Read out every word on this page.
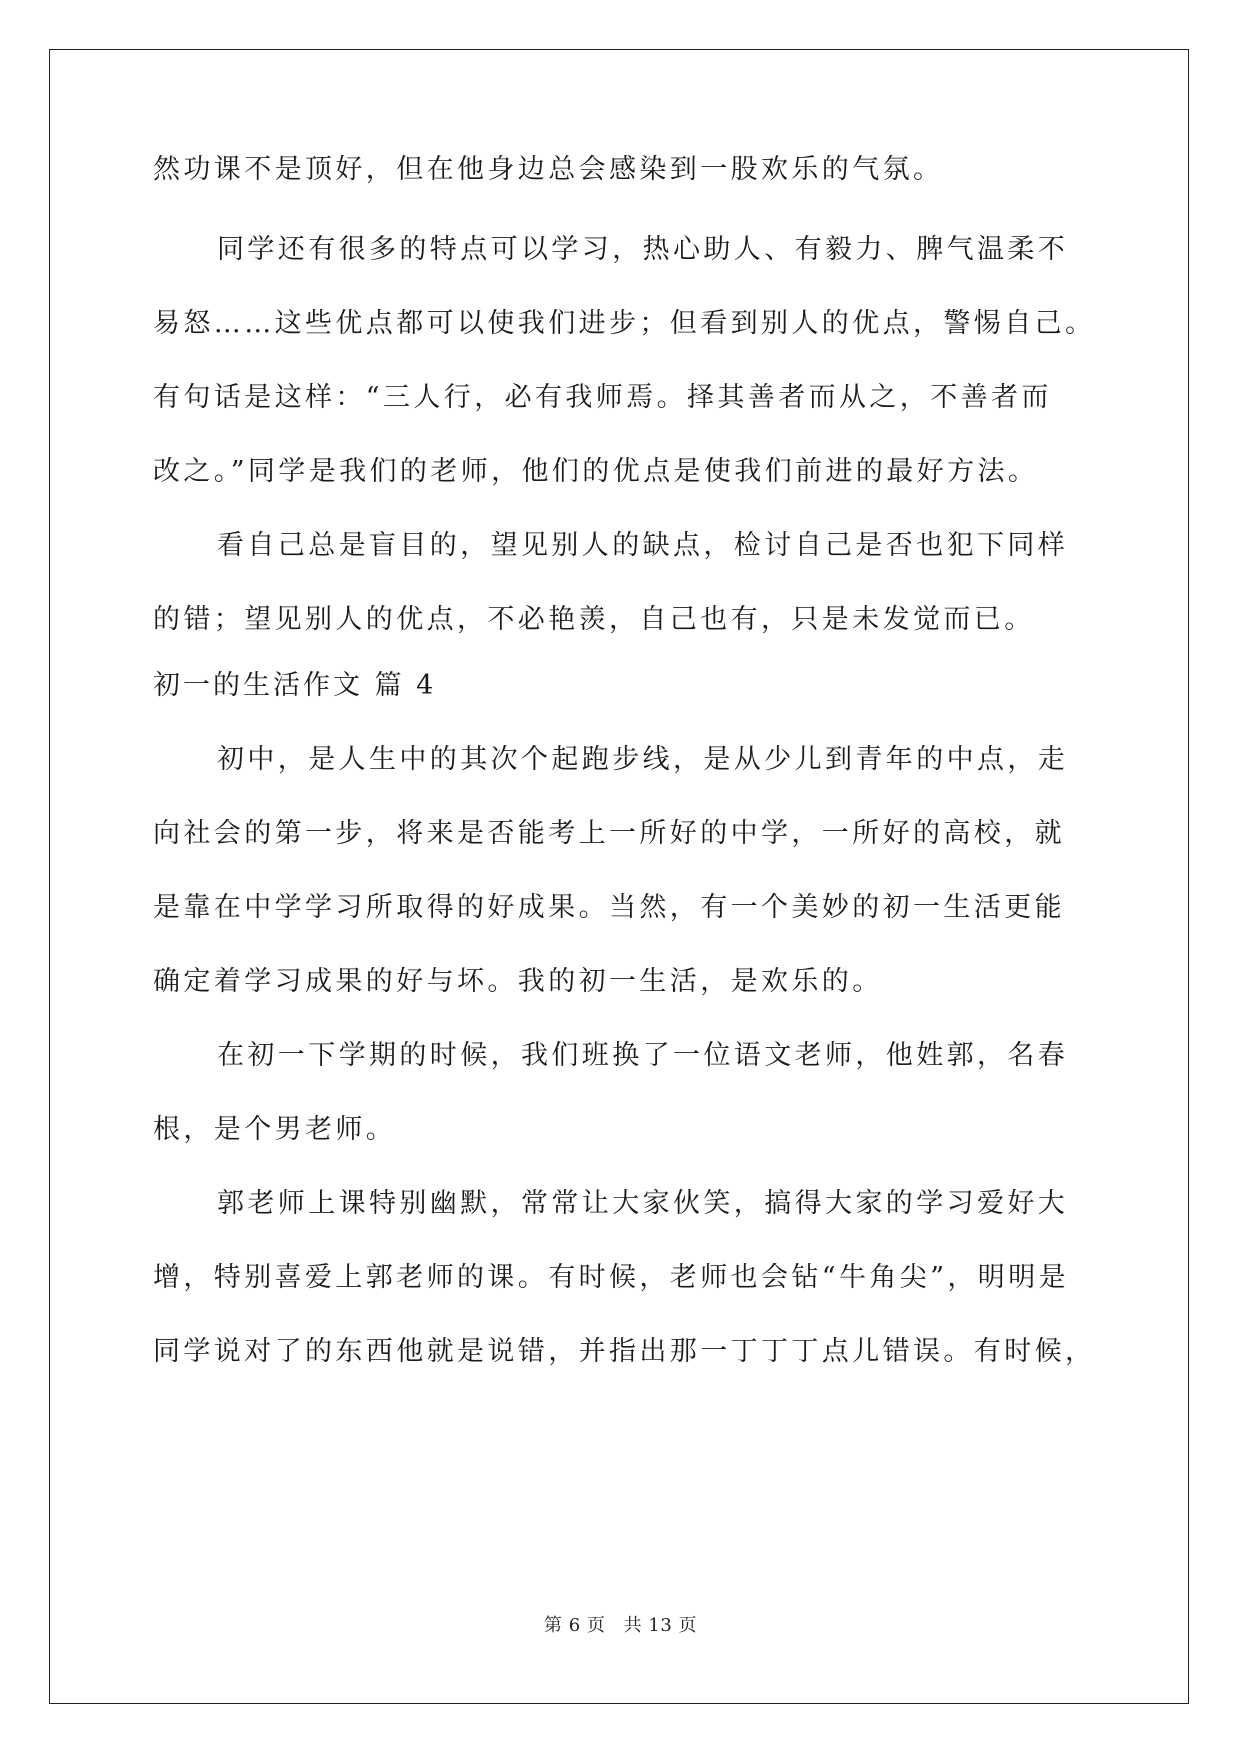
然功课不是顶好，但在他身边总会感染到一股欢乐的气氛。
同学还有很多的特点可以学习，热心助人、有毅力、脾气温柔不
易怒……这些优点都可以使我们进步；但看到别人的优点，警惕自己。
有句话是这样：“三人行，必有我师焉。择其善者而从之，不善者而
改之。”同学是我们的老师，他们的优点是使我们前进的最好方法。
看自己总是盲目的，望见别人的缺点，检讨自己是否也犯下同样
的错；望见别人的优点，不必艳羡，自己也有，只是未发觉而已。
初一的生活作文 篇 4
初中，是人生中的其次个起跑步线，是从少儿到青年的中点，走
向社会的第一步，将来是否能考上一所好的中学，一所好的高校，就
是靠在中学学习所取得的好成果。当然，有一个美妙的初一生活更能
确定着学习成果的好与坏。我的初一生活，是欢乐的。
在初一下学期的时候，我们班换了一位语文老师，他姓郭，名春
根，是个男老师。
郭老师上课特别幽默，常常让大家伙笑，搞得大家的学习爱好大
增，特别喜爱上郭老师的课。有时候，老师也会钻“牛角尖”，明明是
同学说对了的东西他就是说错，并指出那一丁丁丁点儿错误。有时候，
第 6 页 共 13 页
